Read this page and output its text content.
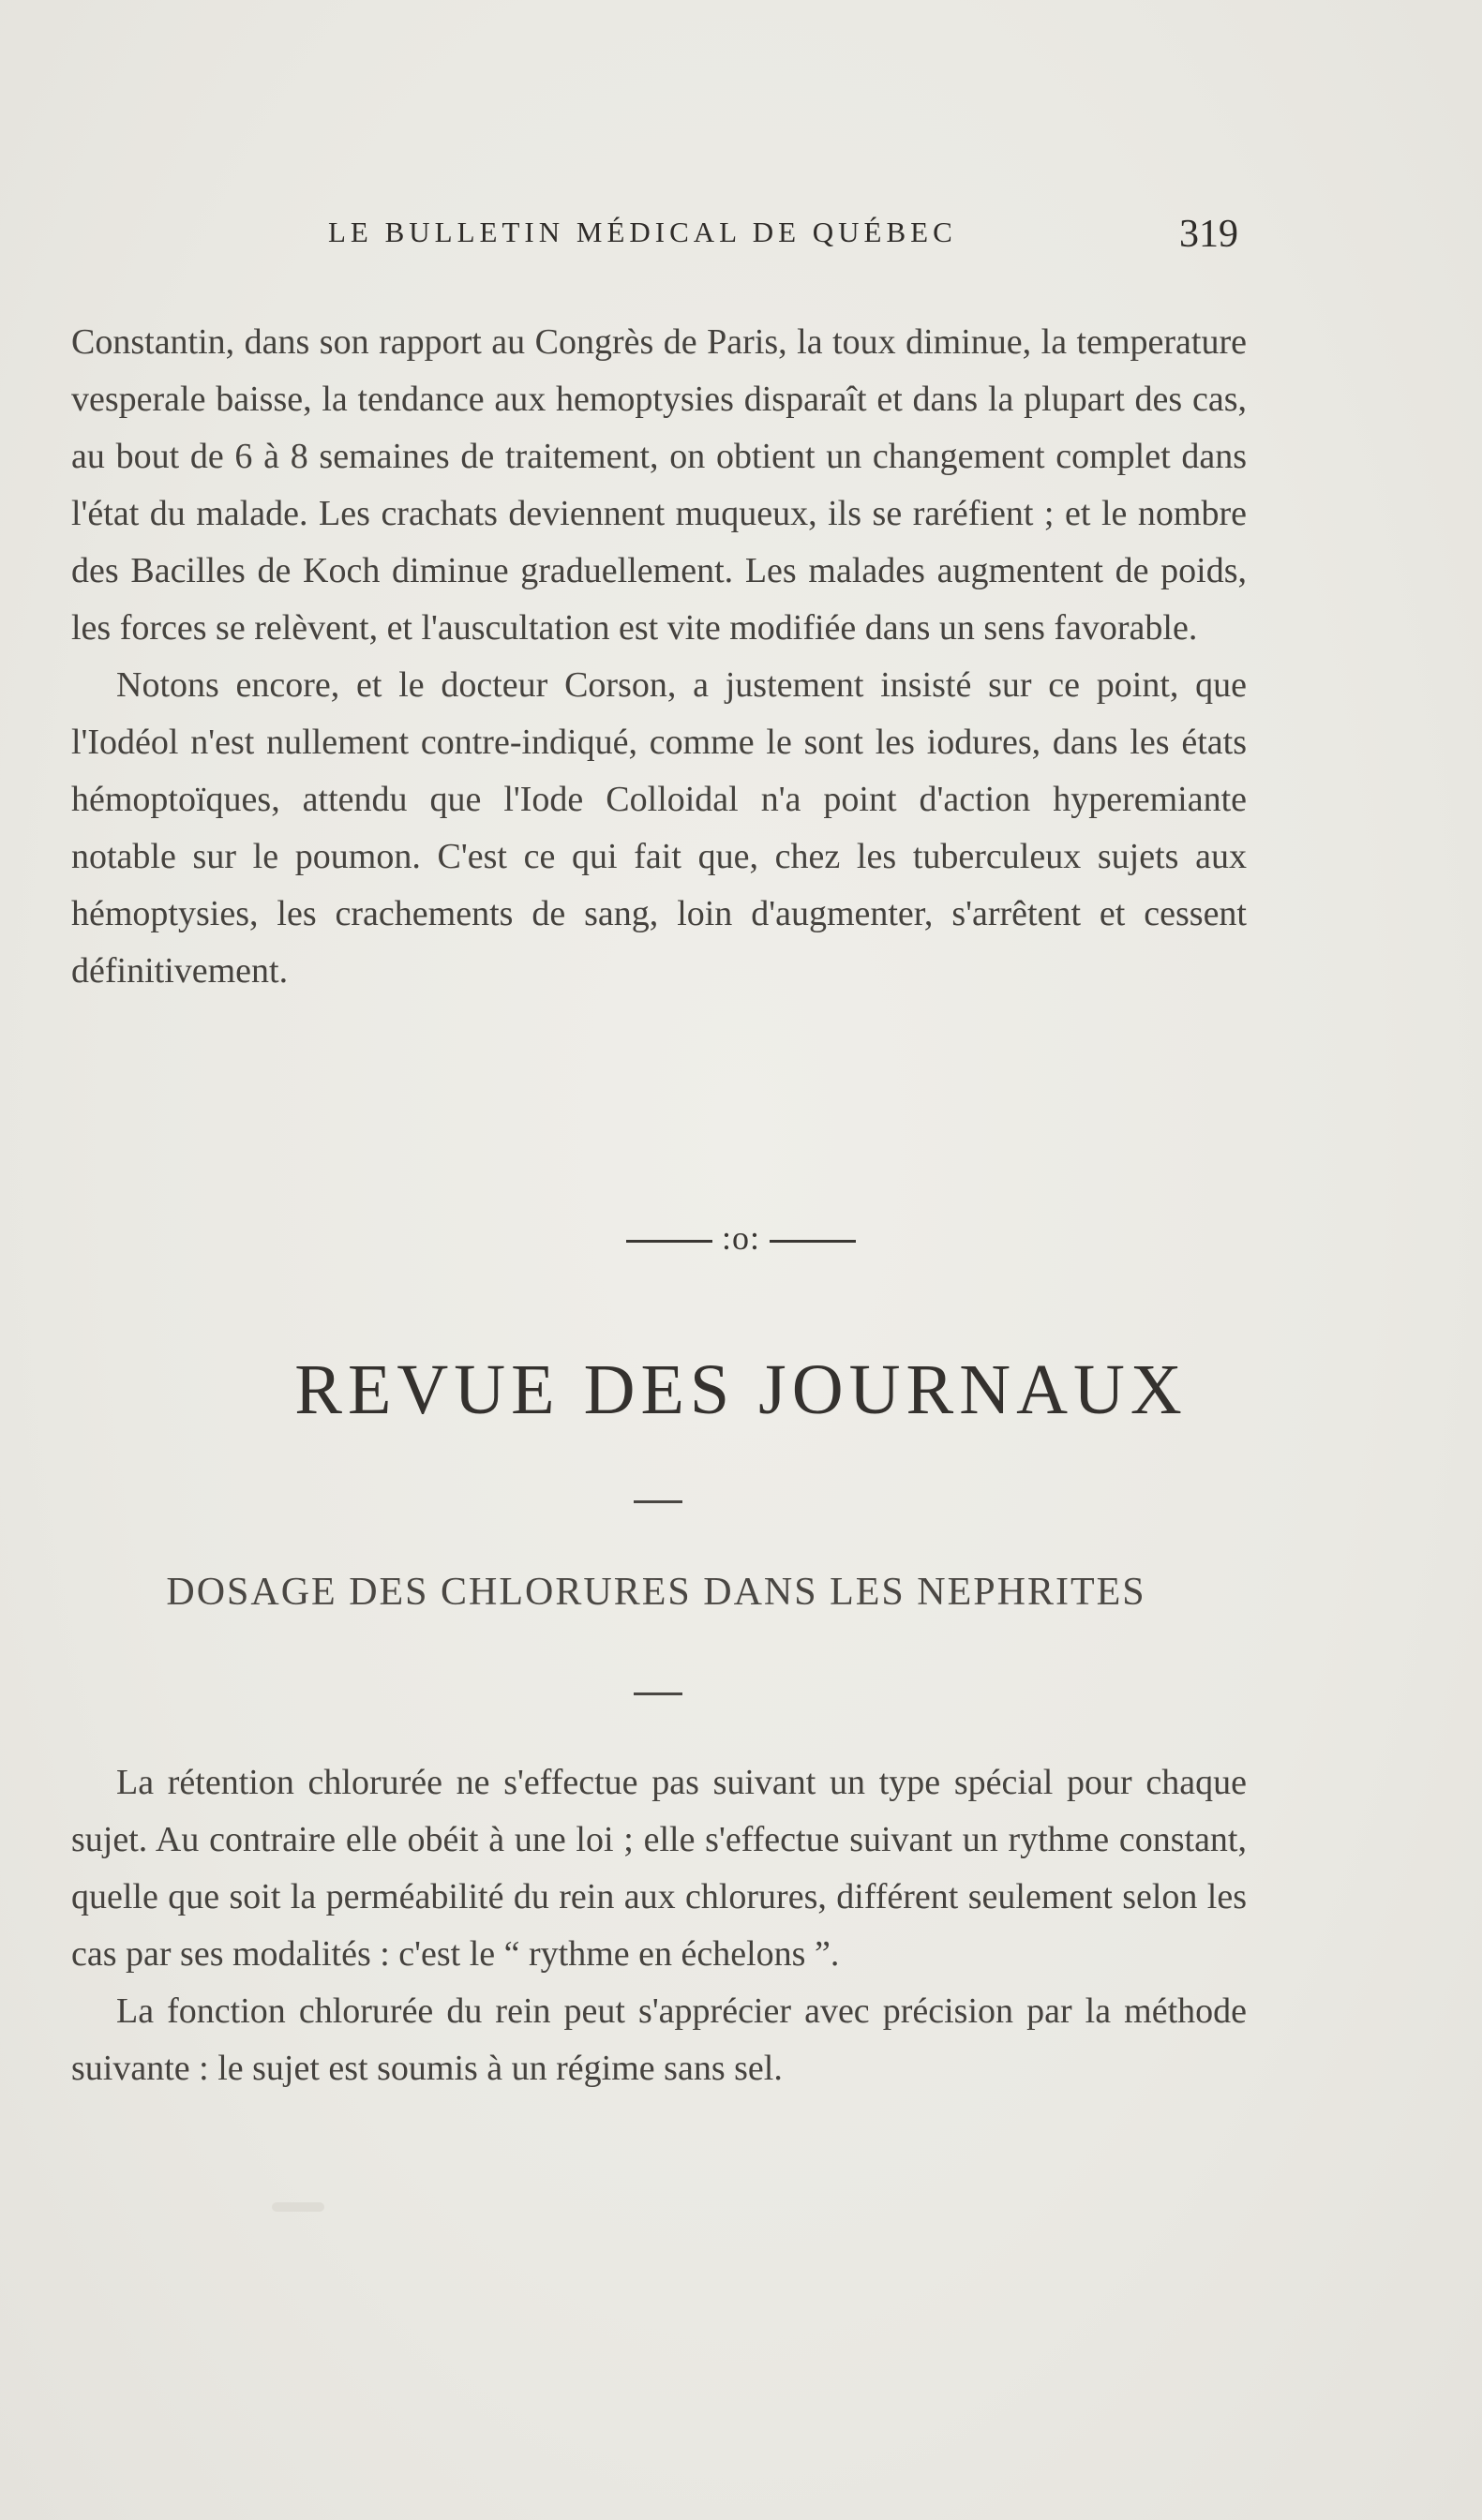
LE BULLETIN MÉDICAL DE QUÉBEC	319

Constantin, dans son rapport au Congrès de Paris, la toux diminue, la temperature vesperale baisse, la tendance aux hemoptysies disparaît et dans la plupart des cas, au bout de 6 à 8 semaines de traitement, on obtient un changement complet dans l'état du malade. Les crachats deviennent muqueux, ils se raréfient ; et le nombre des Bacilles de Koch diminue graduellement. Les malades augmentent de poids, les forces se relèvent, et l'auscultation est vite modifiée dans un sens favorable.

Notons encore, et le docteur Corson, a justement insisté sur ce point, que l'Iodéol n'est nullement contre-indiqué, comme le sont les iodures, dans les états hémoptoïques, attendu que l'Iode Colloidal n'a point d'action hyperemiante notable sur le poumon. C'est ce qui fait que, chez les tuberculeux sujets aux hémoptysies, les crachements de sang, loin d'augmenter, s'arrêtent et cessent définitivement.

:o:
REVUE DES JOURNAUX
DOSAGE DES CHLORURES DANS LES NEPHRITES

La rétention chlorurée ne s'effectue pas suivant un type spécial pour chaque sujet. Au contraire elle obéit à une loi ; elle s'effectue suivant un rythme constant, quelle que soit la perméabilité du rein aux chlorures, différent seulement selon les cas par ses modalités : c'est le “ rythme en échelons ”.

La fonction chlorurée du rein peut s'apprécier avec précision par la méthode suivante : le sujet est soumis à un régime sans sel.
